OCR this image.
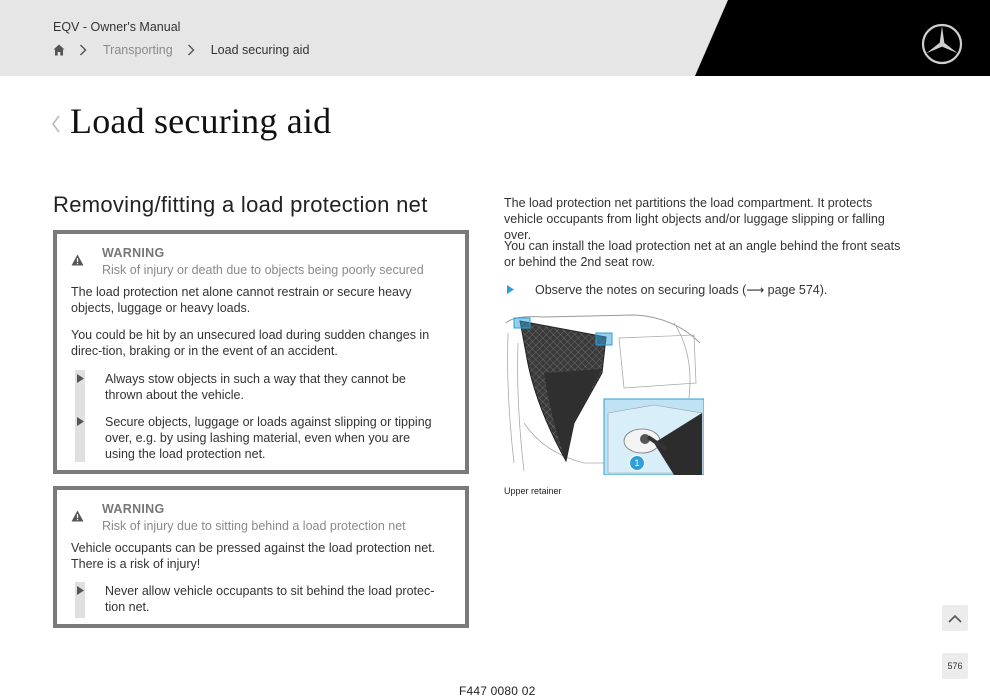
EQV - Owner's Manual
Transporting	Load securing aid
Load securing aid
Removing/fitting a load protection net
WARNING
Risk of injury or death due to objects being poorly secured

The load protection net alone cannot restrain or secure heavy objects, luggage or heavy loads.

You could be hit by an unsecured load during sudden changes in direc-tion, braking or in the event of an accident.

Always stow objects in such a way that they cannot be thrown about the vehicle.
Secure objects, luggage or loads against slipping or tipping over, e.g. by using lashing material, even when you are using the load protection net.
WARNING
Risk of injury due to sitting behind a load protection net

Vehicle occupants can be pressed against the load protection net. There is a risk of injury!

Never allow vehicle occupants to sit behind the load protec-tion net.

The load protection net partitions the load compartment. It protects vehicle occupants from light objects and/or luggage slipping or falling over.

You can install the load protection net at an angle behind the front seats or behind the 2nd seat row.

Observe the notes on securing loads (⟶ page 574).
1
Upper retainer
576
F447 0080 02
